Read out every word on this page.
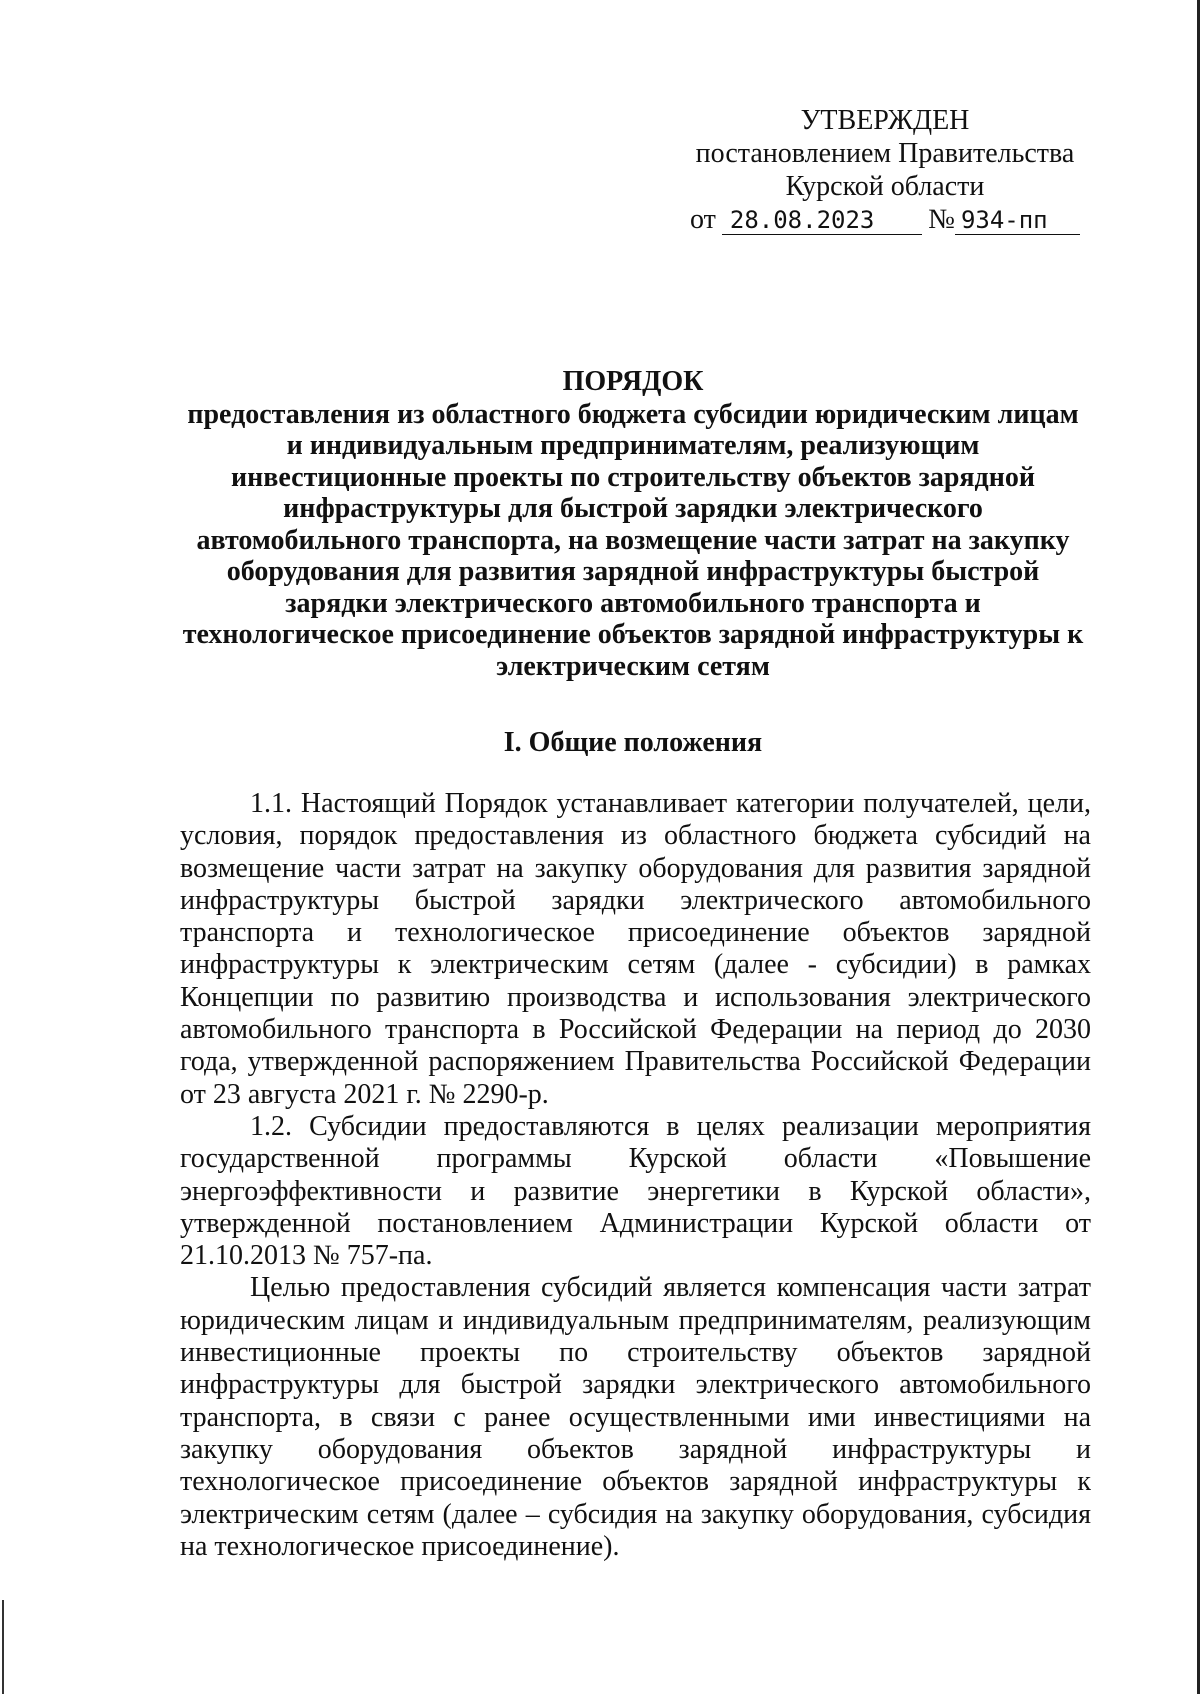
УТВЕРЖДЕН
постановлением Правительства
Курской области
от 28.08.2023	№ 934-пп
ПОРЯДОК
предоставления из областного бюджета субсидии юридическим лицам и индивидуальным предпринимателям, реализующим инвестиционные проекты по строительству объектов зарядной инфраструктуры для быстрой зарядки электрического автомобильного транспорта, на возмещение части затрат на закупку оборудования для развития зарядной инфраструктуры быстрой зарядки электрического автомобильного транспорта и технологическое присоединение объектов зарядной инфраструктуры к электрическим сетям
I. Общие положения

1.1. Настоящий Порядок устанавливает категории получателей, цели, условия, порядок предоставления из областного бюджета субсидий на возмещение части затрат на закупку оборудования для развития зарядной инфраструктуры быстрой зарядки электрического автомобильного транспорта и технологическое присоединение объектов зарядной инфраструктуры к электрическим сетям (далее - субсидии) в рамках Концепции по развитию производства и использования электрического автомобильного транспорта в Российской Федерации на период до 2030 года, утвержденной распоряжением Правительства Российской Федерации от 23 августа 2021 г. № 2290-р.

1.2. Субсидии предоставляются в целях реализации мероприятия государственной программы Курской области «Повышение энергоэффективности и развитие энергетики в Курской области», утвержденной постановлением Администрации Курской области от 21.10.2013 № 757-па.

Целью предоставления субсидий является компенсация части затрат юридическим лицам и индивидуальным предпринимателям, реализующим инвестиционные проекты по строительству объектов зарядной инфраструктуры для быстрой зарядки электрического автомобильного транспорта, в связи с ранее осуществленными ими инвестициями на закупку оборудования объектов зарядной инфраструктуры и технологическое присоединение объектов зарядной инфраструктуры к электрическим сетям (далее – субсидия на закупку оборудования, субсидия на технологическое присоединение).
